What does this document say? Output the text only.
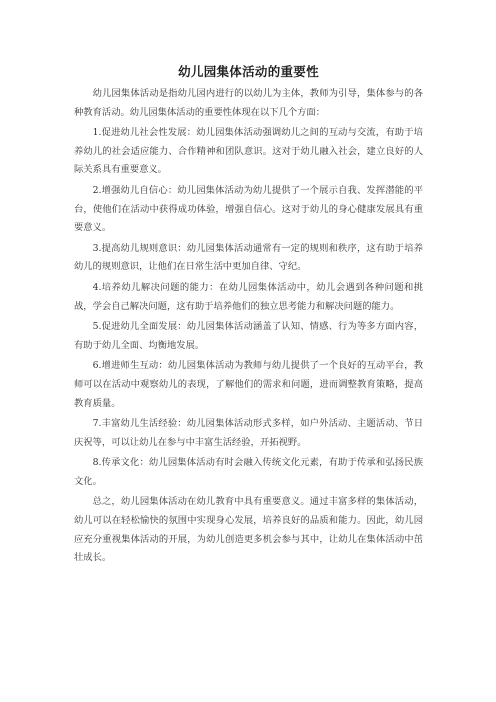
幼儿园集体活动的重要性

幼儿园集体活动是指幼儿园内进行的以幼儿为主体，教师为引导，集体参与的各种教育活动。幼儿园集体活动的重要性体现在以下几个方面：

1.促进幼儿社会性发展：幼儿园集体活动强调幼儿之间的互动与交流，有助于培养幼儿的社会适应能力、合作精神和团队意识。这对于幼儿融入社会，建立良好的人际关系具有重要意义。

2.增强幼儿自信心：幼儿园集体活动为幼儿提供了一个展示自我、发挥潜能的平台，使他们在活动中获得成功体验，增强自信心。这对于幼儿的身心健康发展具有重要意义。

3.提高幼儿规则意识：幼儿园集体活动通常有一定的规则和秩序，这有助于培养幼儿的规则意识，让他们在日常生活中更加自律、守纪。

4.培养幼儿解决问题的能力：在幼儿园集体活动中，幼儿会遇到各种问题和挑战，学会自己解决问题，这有助于培养他们的独立思考能力和解决问题的能力。

5.促进幼儿全面发展：幼儿园集体活动涵盖了认知、情感、行为等多方面内容，有助于幼儿全面、均衡地发展。

6.增进师生互动：幼儿园集体活动为教师与幼儿提供了一个良好的互动平台，教师可以在活动中观察幼儿的表现，了解他们的需求和问题，进而调整教育策略，提高教育质量。

7.丰富幼儿生活经验：幼儿园集体活动形式多样，如户外活动、主题活动、节日庆祝等，可以让幼儿在参与中丰富生活经验，开拓视野。

8.传承文化：幼儿园集体活动有时会融入传统文化元素，有助于传承和弘扬民族文化。

总之，幼儿园集体活动在幼儿教育中具有重要意义。通过丰富多样的集体活动，幼儿可以在轻松愉快的氛围中实现身心发展，培养良好的品质和能力。因此，幼儿园应充分重视集体活动的开展，为幼儿创造更多机会参与其中，让幼儿在集体活动中茁壮成长。
